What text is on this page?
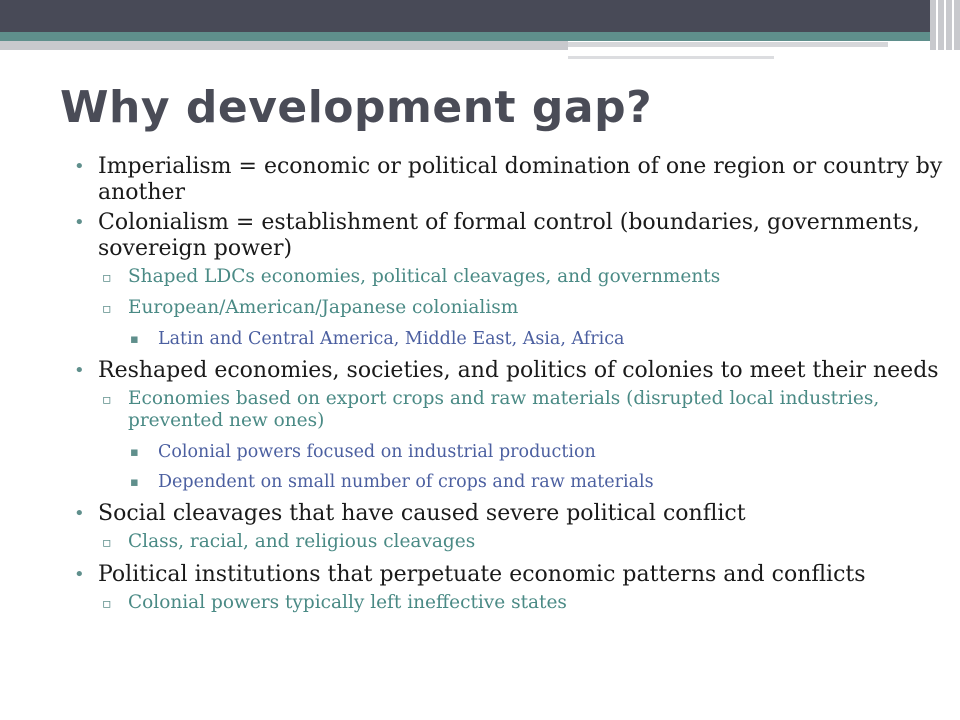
Why development gap?
• Imperialism = economic or political domination of one region or country by another
• Colonialism = establishment of formal control (boundaries, governments, sovereign power)
▫ Shaped LDCs economies, political cleavages, and governments
▫ European/American/Japanese colonialism
▪ Latin and Central America, Middle East, Asia, Africa
• Reshaped economies, societies, and politics of colonies to meet their needs
▫ Economies based on export crops and raw materials (disrupted local industries, prevented new ones)
▪ Colonial powers focused on industrial production
▪ Dependent on small number of crops and raw materials
• Social cleavages that have caused severe political conflict
▫ Class, racial, and religious cleavages
• Political institutions that perpetuate economic patterns and conflicts
▫ Colonial powers typically left ineffective states
